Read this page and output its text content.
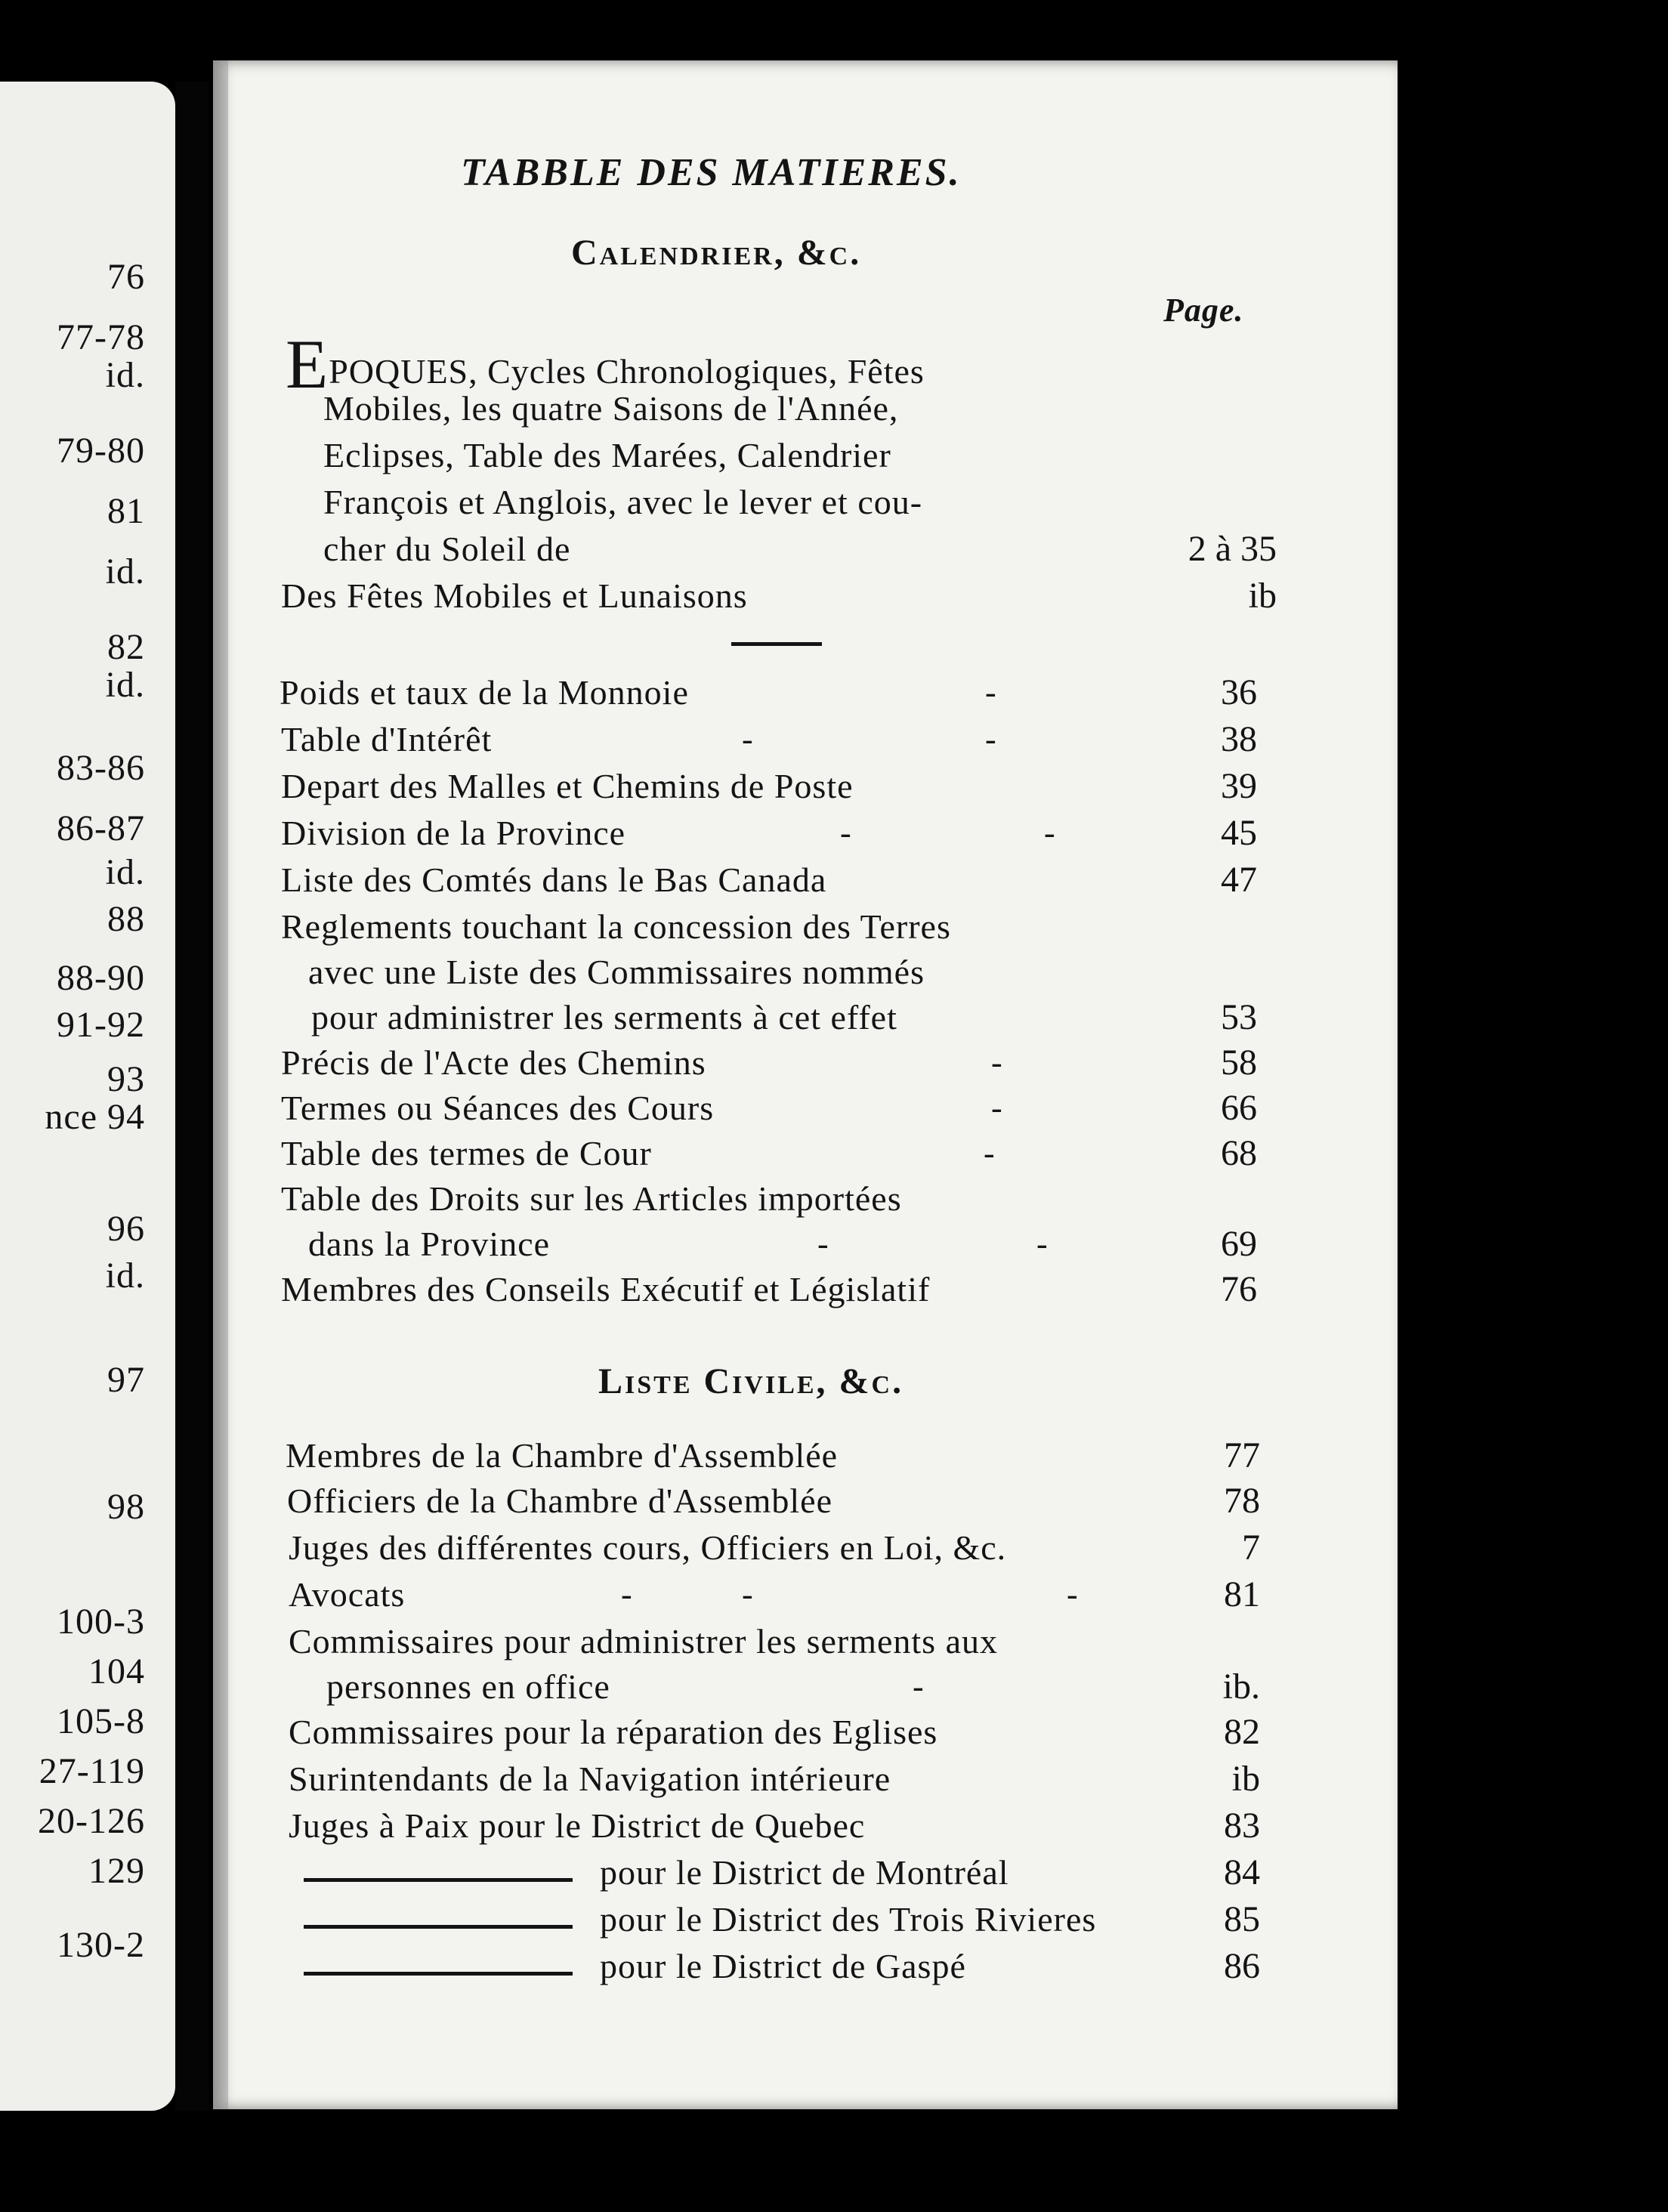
76
77-78
id.
79-80
81
id.
82
id.
83-86
86-87
id.
88
88-90
91-92
93
nce 94
96
id.
97
98
100-3
104
105-8
27-119
20-126
129
130-2
TABBLE DES MATIERES.
Calendrier, &c.
Page.
EPOQUES, Cycles Chronologiques, Fêtes
Mobiles, les quatre Saisons de l'Année,
Eclipses, Table des Marées, Calendrier
François et Anglois, avec le lever et cou-
cher du Soleil de	2 à 35
Des Fêtes Mobiles et Lunaisons	ib
Poids et taux de la Monnoie	-	36
Table d'Intérêt	-	-	38
Depart des Malles et Chemins de Poste	39
Division de la Province	-	-	45
Liste des Comtés dans le Bas Canada	47
Reglements touchant la concession des Terres
avec une Liste des Commissaires nommés
pour administrer les serments à cet effet	53
Précis de l'Acte des Chemins	-	58
Termes ou Séances des Cours	-	66
Table des termes de Cour	-	68
Table des Droits sur les Articles importées
dans la Province	-	-	69
Membres des Conseils Exécutif et Législatif	76
Liste Civile, &c.
Membres de la Chambre d'Assemblée	77
Officiers de la Chambre d'Assemblée	78
Juges des différentes cours, Officiers en Loi, &c.	7
Avocats	-	-	-	81
Commissaires pour administrer les serments aux
personnes en office	-	ib.
Commissaires pour la réparation des Eglises	82
Surintendants de la Navigation intérieure	ib
Juges à Paix pour le District de Quebec	83
pour le District de Montréal	84
pour le District des Trois Rivieres	85
pour le District de Gaspé	86
